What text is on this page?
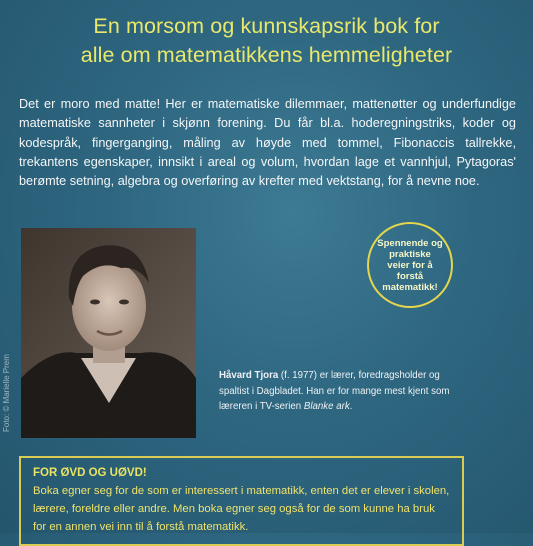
En morsom og kunnskapsrik bok for
alle om matematikkens hemmeligheter
Det er moro med matte! Her er matematiske dilemmaer, mattenøtter og underfundige matematiske sannheter i skjønn forening. Du får bl.a. hoderegningstriks, koder og kodespråk, fingerganging, måling av høyde med tommel, Fibonaccis tallrekke, trekantens egenskaper, innsikt i areal og volum, hvordan lage et vannhjul, Pytagoras' berømte setning, algebra og overføring av krefter med vektstang, for å nevne noe.
Foto: © Marielle Prem
Spennende og praktiske veier for å forstå matematikk!
Håvard Tjora (f. 1977) er lærer, foredragsholder og spaltist i Dagbladet. Han er for mange mest kjent som læreren i TV-serien Blanke ark.
FOR ØVD OG UØVD!
Boka egner seg for de som er interessert i matematikk, enten det er elever i skolen, lærere, foreldre eller andre. Men boka egner seg også for de som kunne ha bruk for en annen vei inn til å forstå matematikk.
